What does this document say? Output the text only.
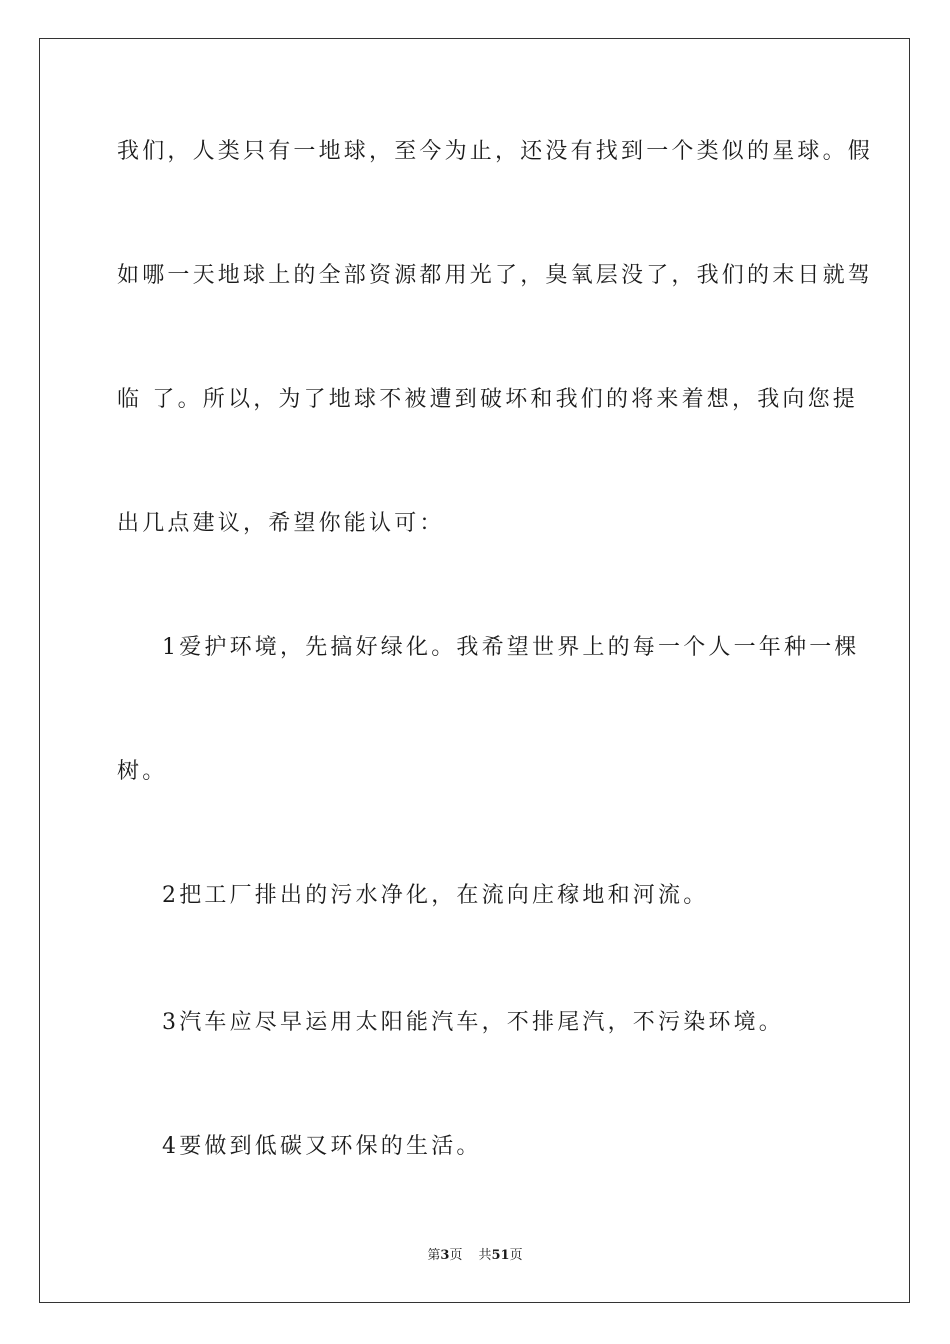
我们，人类只有一地球，至今为止，还没有找到一个类似的星球。假
如哪一天地球上的全部资源都用光了，臭氧层没了，我们的末日就驾
临 了。所以，为了地球不被遭到破坏和我们的将来着想，我向您提
出几点建议，希望你能认可：
1爱护环境，先搞好绿化。我希望世界上的每一个人一年种一棵
树。
2把工厂排出的污水净化，在流向庄稼地和河流。
3汽车应尽早运用太阳能汽车，不排尾汽，不污染环境。
4要做到低碳又环保的生活。
第3页 共51页
